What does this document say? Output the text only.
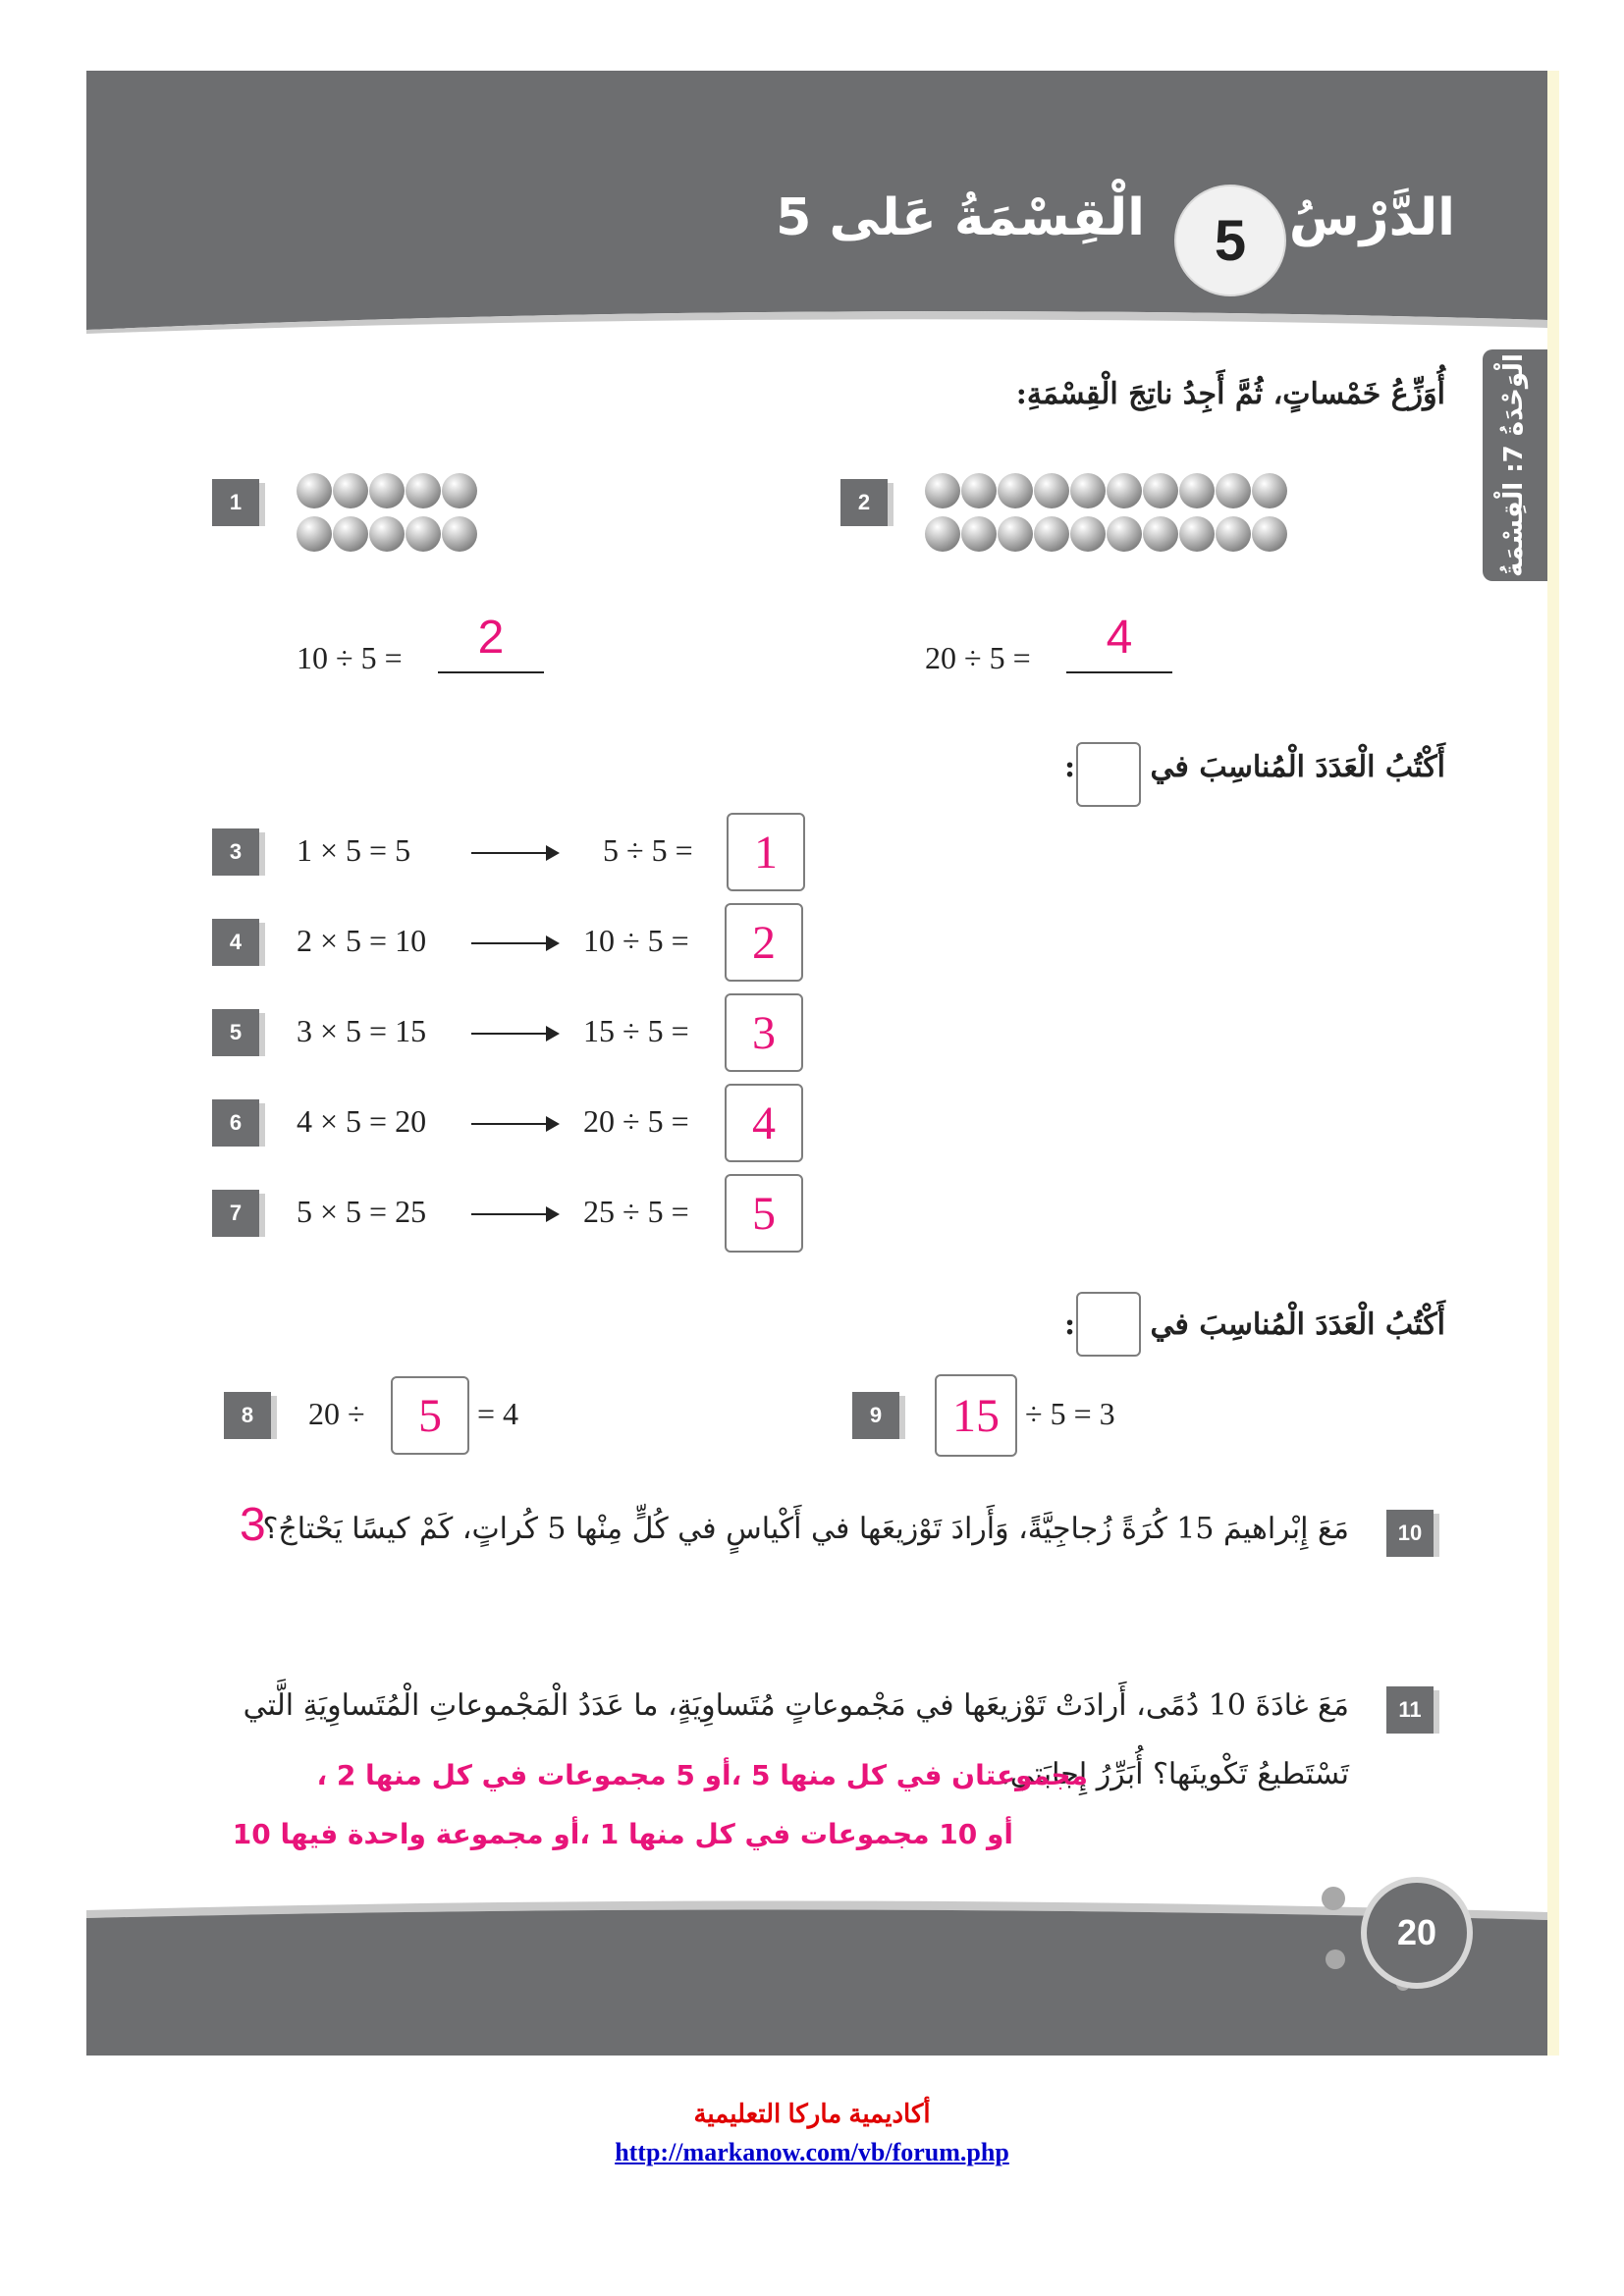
الدَّرْسُ
5
الْقِسْمَةُ عَلى 5
الْوَحْدَةُ 7: الْقِسْمَةُ
أُوَزِّعُ خَمْساتٍ، ثُمَّ أَجِدُ ناتِجَ الْقِسْمَةِ:
1
10 ÷ 5 =	2
2
20 ÷ 5 =	4
أَكْتُبُ الْعَدَدَ الْمُناسِبَ في
:
3 1 × 5 = 5	5 ÷ 5 =	1
4 2 × 5 = 10	10 ÷ 5 =	2
5 3 × 5 = 15	15 ÷ 5 =	3
6 4 × 5 = 20	20 ÷ 5 =	4
7 5 × 5 = 25	25 ÷ 5 =	5
أَكْتُبُ الْعَدَدَ الْمُناسِبَ في
:
8 20 ÷	5	= 4	9	15 ÷ 5 = 3
10
مَعَ إِبْراهيمَ 15 كُرَةً زُجاجِيَّةً، وَأَرادَ تَوْزيعَها في أَكْياسٍ في كُلٍّ مِنْها 5 كُراتٍ، كَمْ كيسًا يَحْتاجُ؟
3
11
مَعَ غادَةَ 10 دُمًى، أَرادَتْ تَوْزيعَها في مَجْموعاتٍ مُتَساوِيَةٍ، ما عَدَدُ الْمَجْموعاتِ الْمُتَساوِيَةِ الَّتي
تَسْتَطيعُ تَكْوينَها؟ أُبَرِّرُ إِجابَتي.
مجموعتان في كل منها 5 ،أو 5 مجموعات في كل منها 2 ،
أو 10 مجموعات في كل منها 1 ،أو مجموعة واحدة فيها 10
20
أكاديمية ماركا التعليمية
http://markanow.com/vb/forum.php
